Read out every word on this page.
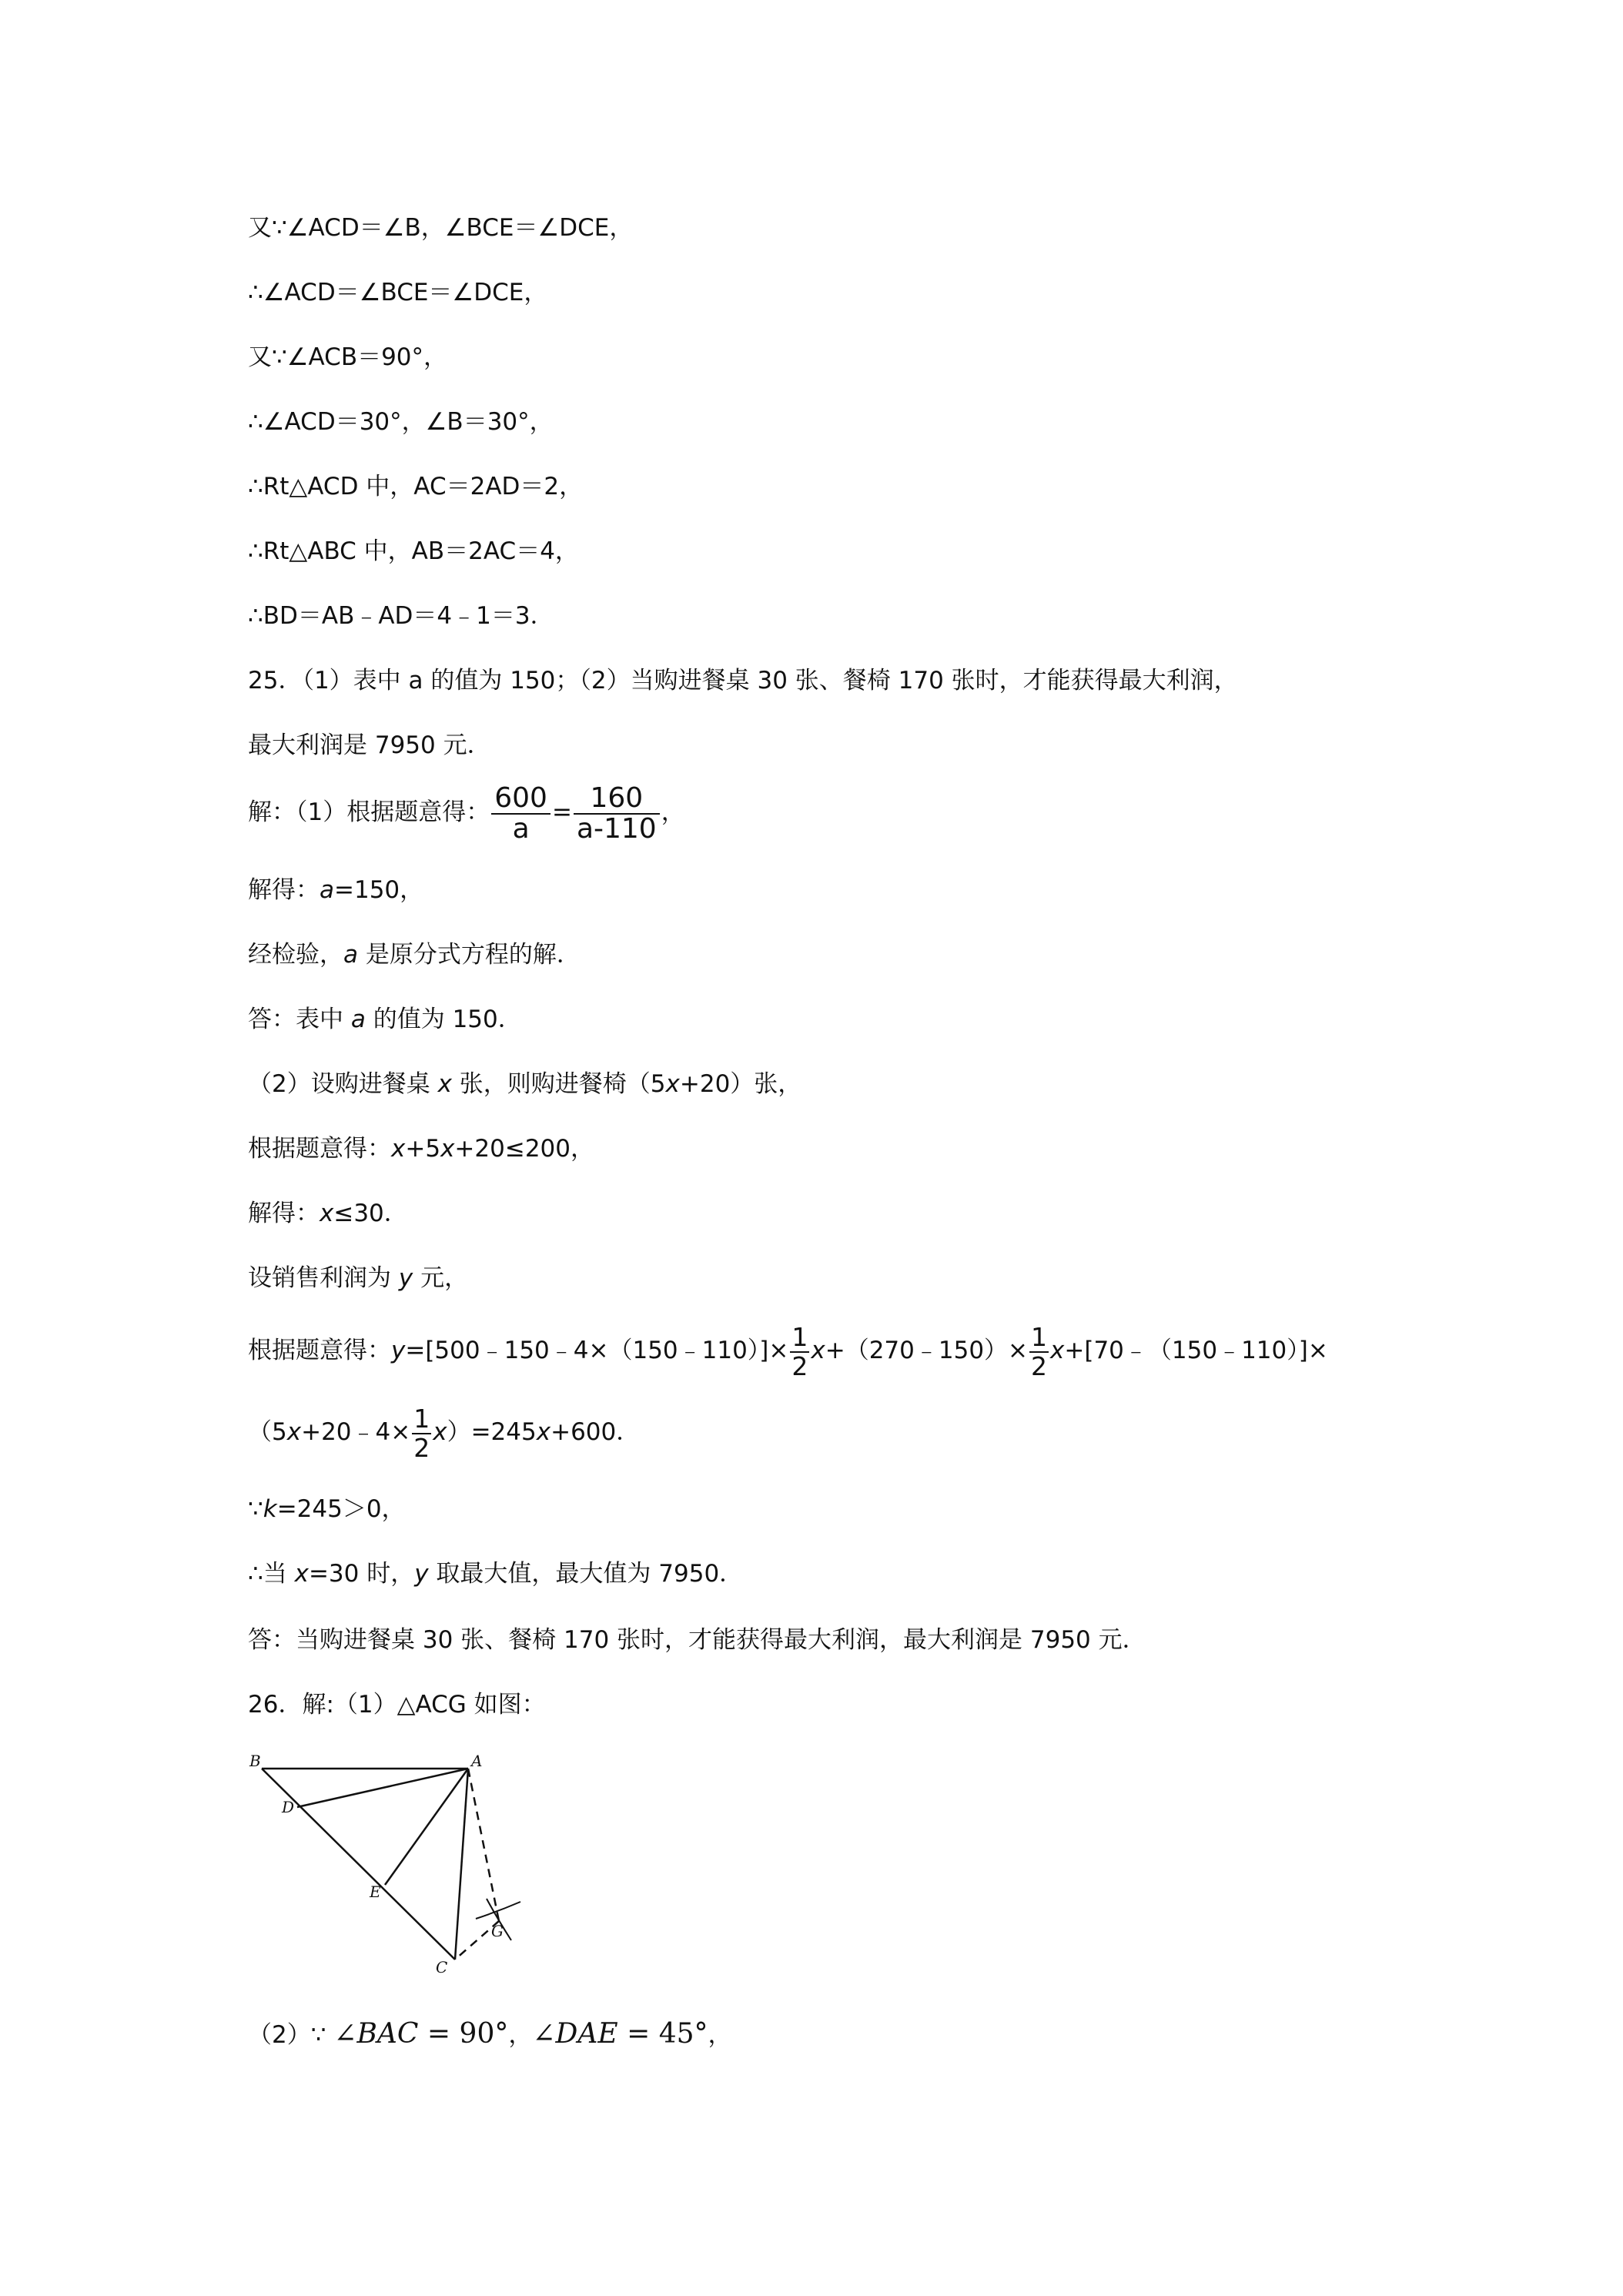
又∵∠ACD＝∠B，∠BCE＝∠DCE，
∴∠ACD＝∠BCE＝∠DCE，
又∵∠ACB＝90°，
∴∠ACD＝30°，∠B＝30°，
∴Rt△ACD 中，AC＝2AD＝2，
∴Rt△ABC 中，AB＝2AC＝4，
∴BD＝AB﹣AD＝4﹣1＝3．
25．（1）表中 a 的值为 150；（2）当购进餐桌 30 张、餐椅 170 张时，才能获得最大利润，
最大利润是 7950 元．
解：（1）根据题意得： $\frac{600}{a} = \frac{160}{a-110}$ ，
解得：a=150，
经检验，a 是原分式方程的解．
答：表中 a 的值为 150．
（2）设购进餐桌 x 张，则购进餐椅（5x+20）张，
根据题意得：x+5x+20≤200，
解得：x≤30．
设销售利润为 y 元，
根据题意得：y=[500﹣150﹣4×（150﹣110）]× $\frac{1}{2}$ x+（270﹣150）× $\frac{1}{2}$ x+[70﹣（150﹣110）]×
（5x+20﹣4× $\frac{1}{2} x)=245x+600$．
∵k=245＞0，
∴当 x=30 时，y 取最大值，最大值为 7950．
答：当购进餐桌 30 张、餐椅 170 张时，才能获得最大利润，最大利润是 7950 元．
26．解:（1）△ACG 如图：
B	A
D
E
C
G
（2）∵ ∠BAC = 90°，∠DAE = 45°，
